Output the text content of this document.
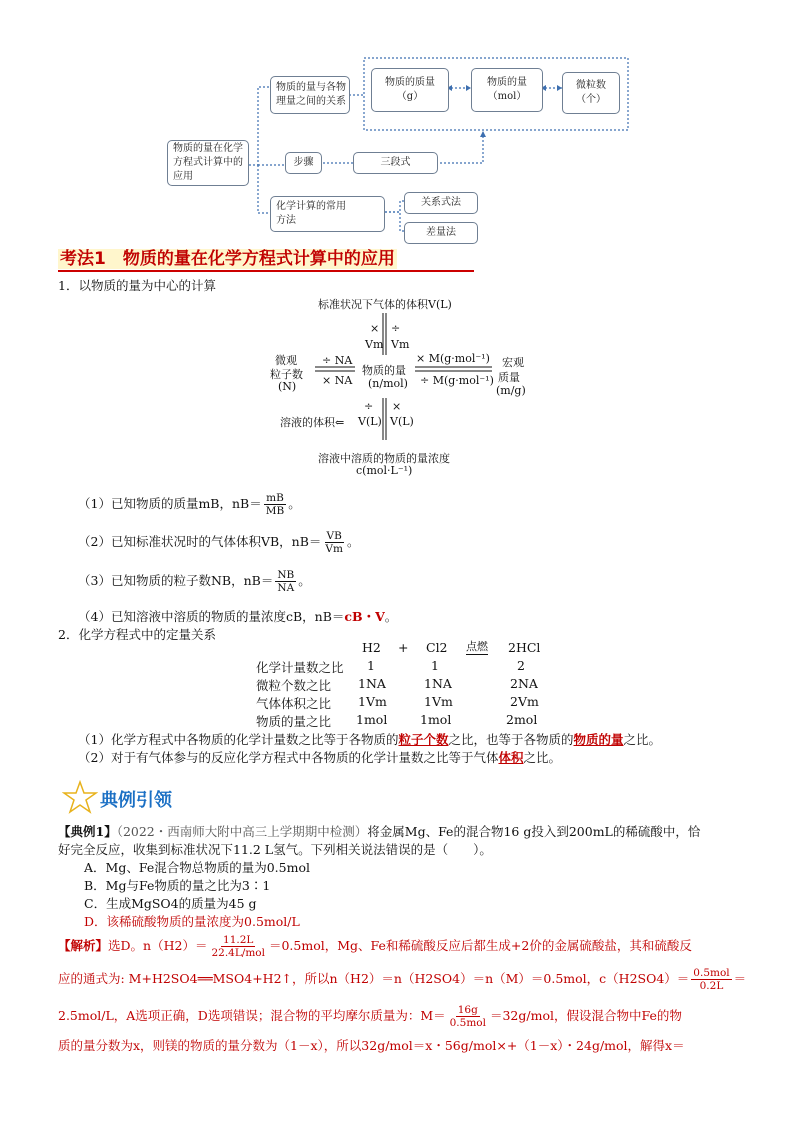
物质的量在化学
方程式计算中的
应用
物质的量与各物
理量之间的关系
物质的质量
（g）
物质的量
（mol）
微粒数
（个）
步骤	三段式
化学计算的常用
方法
关系式法
差量法
考法1　物质的量在化学方程式计算中的应用
1．以物质的量为中心的计算
标准状况下气体的体积V(L)
×
Vm
÷
Vm
微观
粒子数
(N)
÷ NA
× NA
物质的量
(n/mol)
× M(g·mol⁻¹)
÷ M(g·mol⁻¹)
宏观
质量
(m/g)
溶液的体积⇐
÷
V(L)
×
V(L)
溶液中溶质的物质的量浓度
c(mol·L⁻¹)
（1）已知物质的质量mB，$nB= \frac{mB}{MB}$ 。
（2）已知标准状况时的气体体积VB，$nB= \frac{VB}{Vm}$ 。
（3）已知物质的粒子数NB，$nB= \frac{NB}{NA}$ 。
（4）已知溶液中溶质的物质的量浓度cB，nB＝cB・V。
2．化学方程式中的定量关系
H2 + Cl2 点燃 2HCl
化学计量数之比 1	1	2
微粒个数之比 1NA	1NA	2NA
气体体积之比 1Vm	1Vm	2Vm
物质的量之比 1mol	1mol	2mol
（1）化学方程式中各物质的化学计量数之比等于各物质的粒子个数之比，也等于各物质的物质的量之比。
（2）对于有气体参与的反应化学方程式中各物质的化学计量数之比等于气体体积之比。
典例引领
【典例1】（2022・西南师大附中高三上学期期中检测）将金属Mg、Fe的混合物16 g投入到200mL的稀硫酸中，恰
好完全反应，收集到标准状况下11.2 L氢气。下列相关说法错误的是（　　）。
A．Mg、Fe混合物总物质的量为0.5mol
B．Mg与Fe物质的量之比为3∶1
C．生成MgSO4的质量为45 g
D．该稀硫酸物质的量浓度为0.5mol/L
【解析】选D。$n(H2)= \frac{11.2L}{\text{22.4L/mol}} =0.5mol$，Mg、Fe和稀硫酸反应后都生成+2价的金属硫酸盐，其和硫酸反
应的通式为: M+H2SO4══MSO4+H2↑，所以n（H2）＝n（H2SO4）＝n（M）＝0.5mol，$c(H2SO4)= \frac{\text{0.5mol}}{0.2L}$ ＝
2.5mol/L，A选项正确，D选项错误；混合物的平均摩尔质量为：$M= \frac{16g}{\text{0.5mol}} =32g/mol$，假设混合物中Fe的物
质的量分数为x，则镁的物质的量分数为（1－x），所以32g/mol＝x・56g/mol×+（1－x）・24g/mol，解得x＝
